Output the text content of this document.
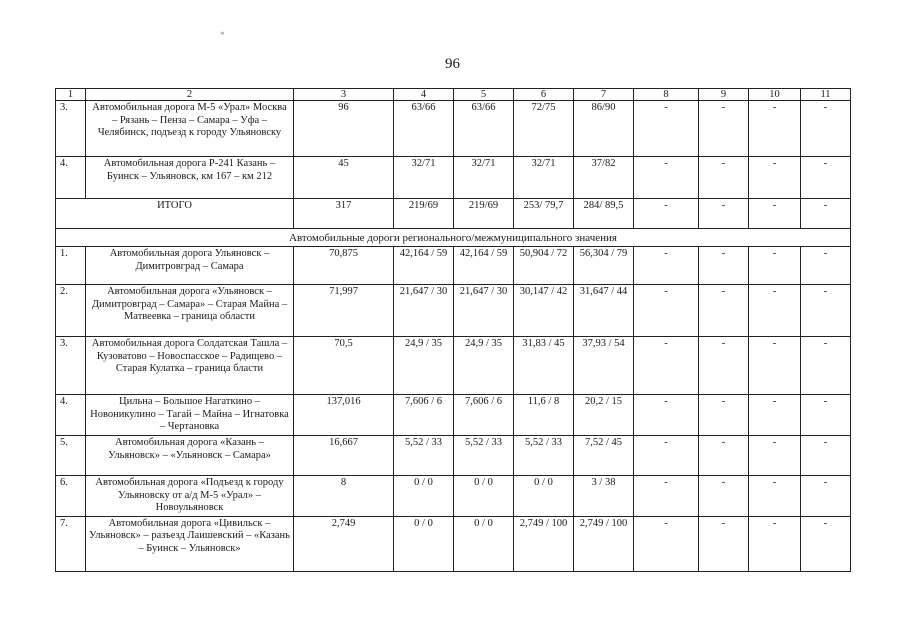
96
*
1	2	3	4	5	6	7	8	9	10	11
3.	Автомобильная дорога М-5 «Урал» Москва – Рязань – Пенза – Самара – Уфа – Челябинск, подъезд к городу Ульяновску	96	63/66	63/66	72/75	86/90	-	-	-	-
4.	Автомобильная дорога Р-241 Казань – Буинск – Ульяновск, км 167 – км 212	45	32/71	32/71	32/71	37/82	-	-	-	-
ИТОГО		317	219/69	219/69	253/ 79,7	284/ 89,5	-	-	-	-
Автомобильные дороги регионального/межмуниципального значения										
1.	Автомобильная дорога Ульяновск – Димитровград – Самара	70,875	42,164 / 59	42,164 / 59	50,904 / 72	56,304 / 79	-	-	-	-
2.	Автомобильная дорога «Ульяновск – Димитровград – Самара» – Старая Майна – Матвеевка – граница области	71,997	21,647 / 30	21,647 / 30	30,147 / 42	31,647 / 44	-	-	-	-
3.	Автомобильная дорога Солдатская Ташла – Кузоватово – Новоспасское – Радищево – Старая Кулатка – граница бласти	70,5	24,9 / 35	24,9 / 35	31,83 / 45	37,93 / 54	-	-	-	-
4.	Цильна – Большое Нагаткино – Новоникулино – Тагай – Майна – Игнатовка – Чертановка	137,016	7,606 / 6	7,606 / 6	11,6 / 8	20,2 / 15	-	-	-	-
5.	Автомобильная дорога «Казань – Ульяновск» – «Ульяновск – Самара»	16,667	5,52 / 33	5,52 / 33	5,52 / 33	7,52 / 45	-	-	-	-
6.	Автомобильная дорога «Подъезд к городу Ульяновску от а/д М-5 «Урал» – Новоульяновск	8	0 / 0	0 / 0	0 / 0	3 / 38	-	-	-	-
7.	Автомобильная дорога «Цивильск – Ульяновск» – разъезд Лаишевский – «Казань – Буинск – Ульяновск»	2,749	0 / 0	0 / 0	2,749 / 100	2,749 / 100	-	-	-	-
